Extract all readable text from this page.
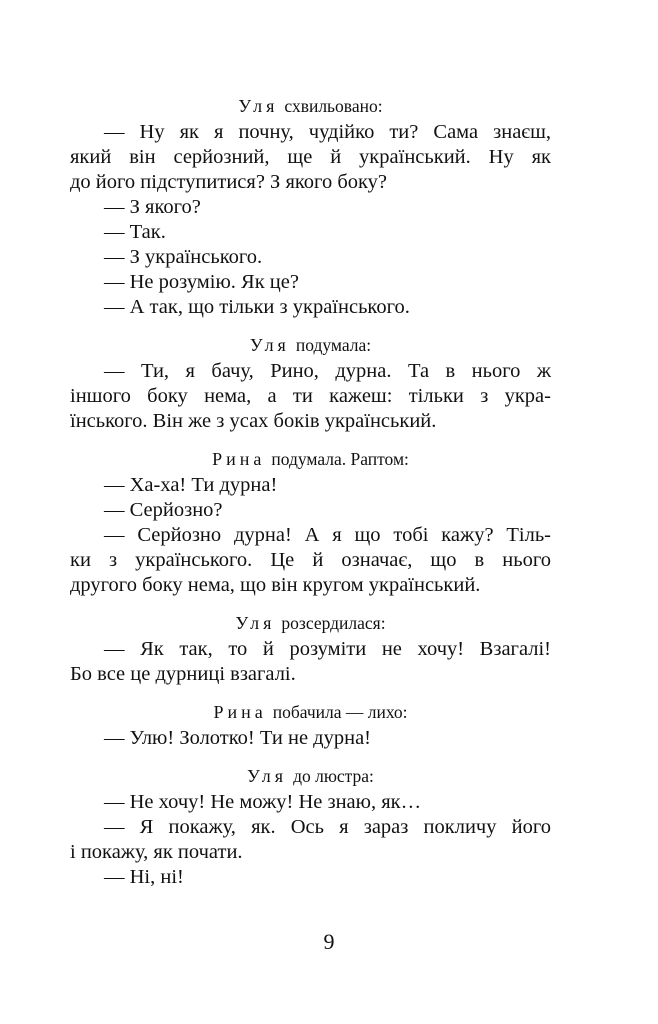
Уля схвильовано:
— Ну як я почну, чудійко ти? Сама знаєш,
який він серйозний, ще й український. Ну як
до його підступитися? З якого боку?
— З якого?
— Так.
— З українського.
— Не розумію. Як це?
— А так, що тільки з українського.
Уля подумала:
— Ти, я бачу, Рино, дурна. Та в нього ж
іншого боку нема, а ти кажеш: тільки з укра-
їнського. Він же з усах боків український.
Рина подумала. Раптом:
— Ха-ха! Ти дурна!
— Серйозно?
— Серйозно дурна! А я що тобі кажу? Тіль-
ки з українського. Це й означає, що в нього
другого боку нема, що він кругом український.
Уля розсердилася:
— Як так, то й розуміти не хочу! Взагалі!
Бо все це дурниці взагалі.
Рина побачила — лихо:
— Улю! Золотко! Ти не дурна!
Уля до люстра:
— Не хочу! Не можу! Не знаю, як…
— Я покажу, як. Ось я зараз покличу його
і покажу, як почати.
— Ні, ні!
9
